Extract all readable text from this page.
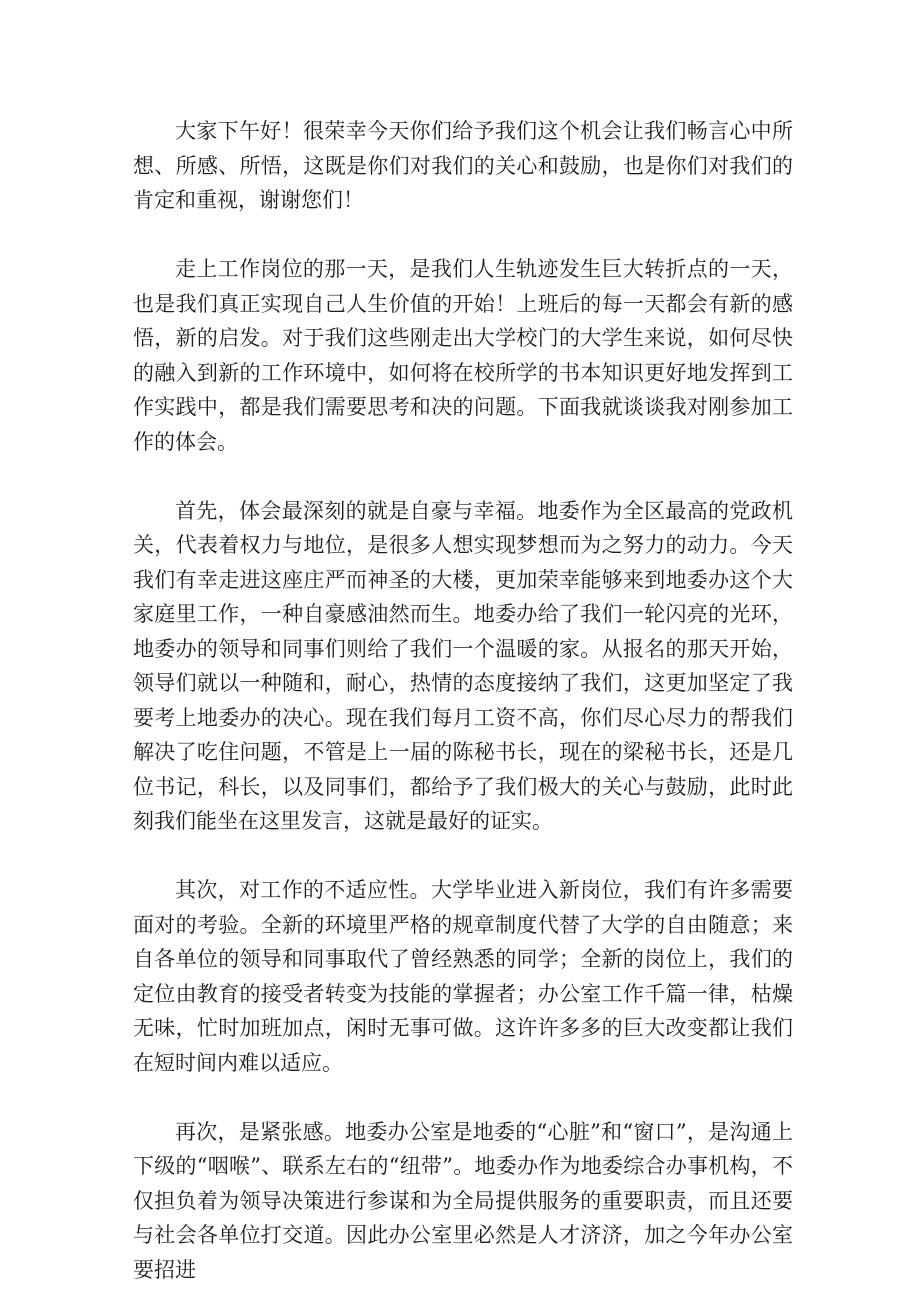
大家下午好！很荣幸今天你们给予我们这个机会让我们畅言心中所想、所感、所悟，这既是你们对我们的关心和鼓励，也是你们对我们的肯定和重视，谢谢您们！

走上工作岗位的那一天，是我们人生轨迹发生巨大转折点的一天，也是我们真正实现自己人生价值的开始！上班后的每一天都会有新的感悟，新的启发。对于我们这些刚走出大学校门的大学生来说，如何尽快的融入到新的工作环境中，如何将在校所学的书本知识更好地发挥到工作实践中，都是我们需要思考和决的问题。下面我就谈谈我对刚参加工作的体会。

首先，体会最深刻的就是自豪与幸福。地委作为全区最高的党政机关，代表着权力与地位，是很多人想实现梦想而为之努力的动力。今天我们有幸走进这座庄严而神圣的大楼，更加荣幸能够来到地委办这个大家庭里工作，一种自豪感油然而生。地委办给了我们一轮闪亮的光环，地委办的领导和同事们则给了我们一个温暖的家。从报名的那天开始，领导们就以一种随和，耐心，热情的态度接纳了我们，这更加坚定了我要考上地委办的决心。现在我们每月工资不高，你们尽心尽力的帮我们解决了吃住问题，不管是上一届的陈秘书长，现在的梁秘书长，还是几位书记，科长，以及同事们，都给予了我们极大的关心与鼓励，此时此刻我们能坐在这里发言，这就是最好的证实。

其次，对工作的不适应性。大学毕业进入新岗位，我们有许多需要面对的考验。全新的环境里严格的规章制度代替了大学的自由随意；来自各单位的领导和同事取代了曾经熟悉的同学；全新的岗位上，我们的定位由教育的接受者转变为技能的掌握者；办公室工作千篇一律，枯燥无味，忙时加班加点，闲时无事可做。这许许多多的巨大改变都让我们在短时间内难以适应。

再次，是紧张感。地委办公室是地委的“心脏”和“窗口”，是沟通上下级的“咽喉”、联系左右的“纽带”。地委办作为地委综合办事机构，不仅担负着为领导决策进行参谋和为全局提供服务的重要职责，而且还要与社会各单位打交道。因此办公室里必然是人才济济，加之今年办公室要招进
